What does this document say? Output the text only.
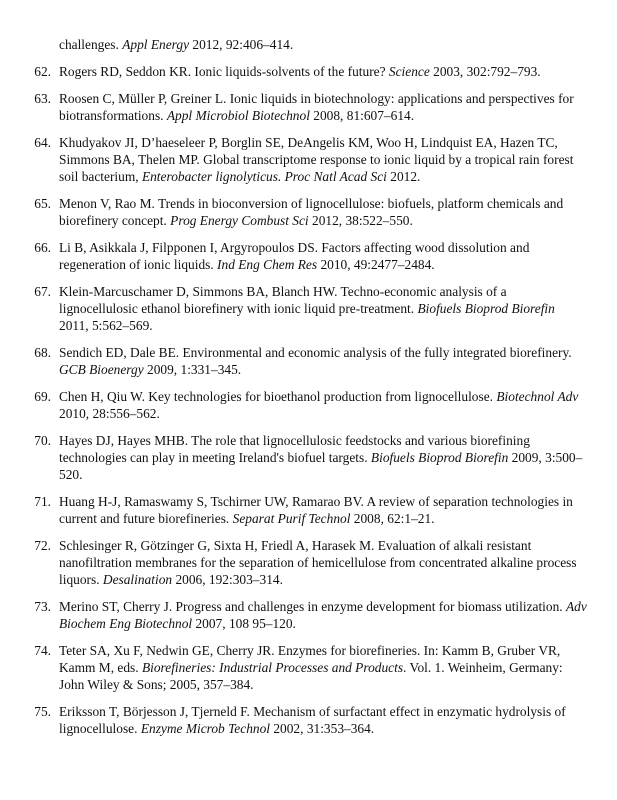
challenges. Appl Energy 2012, 92:406–414.
62. Rogers RD, Seddon KR. Ionic liquids-solvents of the future? Science 2003, 302:792–793.
63. Roosen C, Müller P, Greiner L. Ionic liquids in biotechnology: applications and perspectives for biotransformations. Appl Microbiol Biotechnol 2008, 81:607–614.
64. Khudyakov JI, D’haeseleer P, Borglin SE, DeAngelis KM, Woo H, Lindquist EA, Hazen TC, Simmons BA, Thelen MP. Global transcriptome response to ionic liquid by a tropical rain forest soil bacterium, Enterobacter lignolyticus. Proc Natl Acad Sci 2012.
65. Menon V, Rao M. Trends in bioconversion of lignocellulose: biofuels, platform chemicals and biorefinery concept. Prog Energy Combust Sci 2012, 38:522–550.
66. Li B, Asikkala J, Filpponen I, Argyropoulos DS. Factors affecting wood dissolution and regeneration of ionic liquids. Ind Eng Chem Res 2010, 49:2477–2484.
67. Klein-Marcuschamer D, Simmons BA, Blanch HW. Techno-economic analysis of a lignocellulosic ethanol biorefinery with ionic liquid pre-treatment. Biofuels Bioprod Biorefin 2011, 5:562–569.
68. Sendich ED, Dale BE. Environmental and economic analysis of the fully integrated biorefinery. GCB Bioenergy 2009, 1:331–345.
69. Chen H, Qiu W. Key technologies for bioethanol production from lignocellulose. Biotechnol Adv 2010, 28:556–562.
70. Hayes DJ, Hayes MHB. The role that lignocellulosic feedstocks and various biorefining technologies can play in meeting Ireland's biofuel targets. Biofuels Bioprod Biorefin 2009, 3:500–520.
71. Huang H-J, Ramaswamy S, Tschirner UW, Ramarao BV. A review of separation technologies in current and future biorefineries. Separat Purif Technol 2008, 62:1–21.
72. Schlesinger R, Götzinger G, Sixta H, Friedl A, Harasek M. Evaluation of alkali resistant nanofiltration membranes for the separation of hemicellulose from concentrated alkaline process liquors. Desalination 2006, 192:303–314.
73. Merino ST, Cherry J. Progress and challenges in enzyme development for biomass utilization. Adv Biochem Eng Biotechnol 2007, 108 95–120.
74. Teter SA, Xu F, Nedwin GE, Cherry JR. Enzymes for biorefineries. In: Kamm B, Gruber VR, Kamm M, eds. Biorefineries: Industrial Processes and Products. Vol. 1. Weinheim, Germany: John Wiley & Sons; 2005, 357–384.
75. Eriksson T, Börjesson J, Tjerneld F. Mechanism of surfactant effect in enzymatic hydrolysis of lignocellulose. Enzyme Microb Technol 2002, 31:353–364.
